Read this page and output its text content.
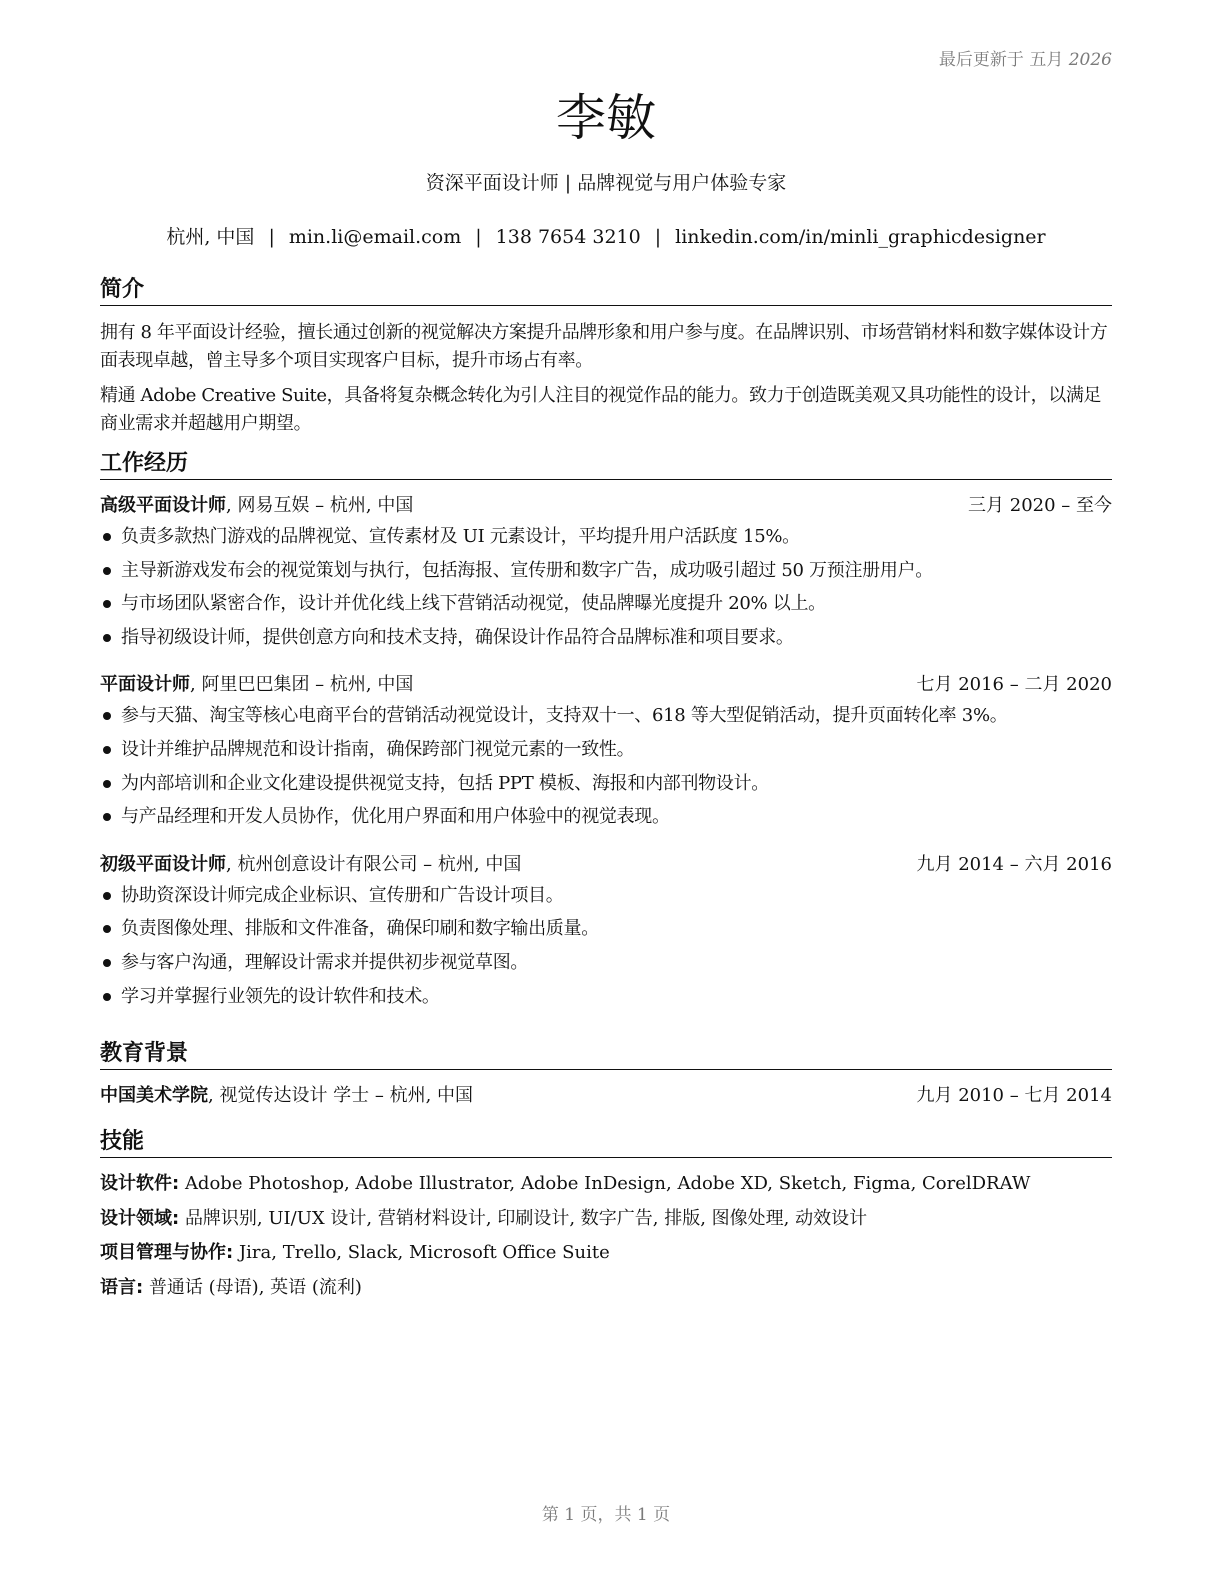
最后更新于 五月 2026
李敏
资深平面设计师 | 品牌视觉与用户体验专家
杭州, 中国 | min.li@email.com | 138 7654 3210 | linkedin.com/in/minli_graphicdesigner
简介

拥有 8 年平面设计经验，擅长通过创新的视觉解决方案提升品牌形象和用户参与度。在品牌识别、市场营销材料和数字媒体设计方面表现卓越，曾主导多个项目实现客户目标，提升市场占有率。

精通 Adobe Creative Suite，具备将复杂概念转化为引人注目的视觉作品的能力。致力于创造既美观又具功能性的设计，以满足商业需求并超越用户期望。

工作经历
高级平面设计师, 网易互娱 – 杭州, 中国	三月 2020 – 至今
负责多款热门游戏的品牌视觉、宣传素材及 UI 元素设计，平均提升用户活跃度 15%。
主导新游戏发布会的视觉策划与执行，包括海报、宣传册和数字广告，成功吸引超过 50 万预注册用户。
与市场团队紧密合作，设计并优化线上线下营销活动视觉，使品牌曝光度提升 20% 以上。
指导初级设计师，提供创意方向和技术支持，确保设计作品符合品牌标准和项目要求。
平面设计师, 阿里巴巴集团 – 杭州, 中国	七月 2016 – 二月 2020
参与天猫、淘宝等核心电商平台的营销活动视觉设计，支持双十一、618 等大型促销活动，提升页面转化率 3%。
设计并维护品牌规范和设计指南，确保跨部门视觉元素的一致性。
为内部培训和企业文化建设提供视觉支持，包括 PPT 模板、海报和内部刊物设计。
与产品经理和开发人员协作，优化用户界面和用户体验中的视觉表现。
初级平面设计师, 杭州创意设计有限公司 – 杭州, 中国	九月 2014 – 六月 2016
协助资深设计师完成企业标识、宣传册和广告设计项目。
负责图像处理、排版和文件准备，确保印刷和数字输出质量。
参与客户沟通，理解设计需求并提供初步视觉草图。
学习并掌握行业领先的设计软件和技术。
教育背景
中国美术学院, 视觉传达设计 学士 – 杭州, 中国	九月 2010 – 七月 2014
技能
设计软件: Adobe Photoshop, Adobe Illustrator, Adobe InDesign, Adobe XD, Sketch, Figma, CorelDRAW
设计领域: 品牌识别, UI/UX 设计, 营销材料设计, 印刷设计, 数字广告, 排版, 图像处理, 动效设计
项目管理与协作: Jira, Trello, Slack, Microsoft Office Suite
语言: 普通话 (母语), 英语 (流利)
第 1 页，共 1 页
